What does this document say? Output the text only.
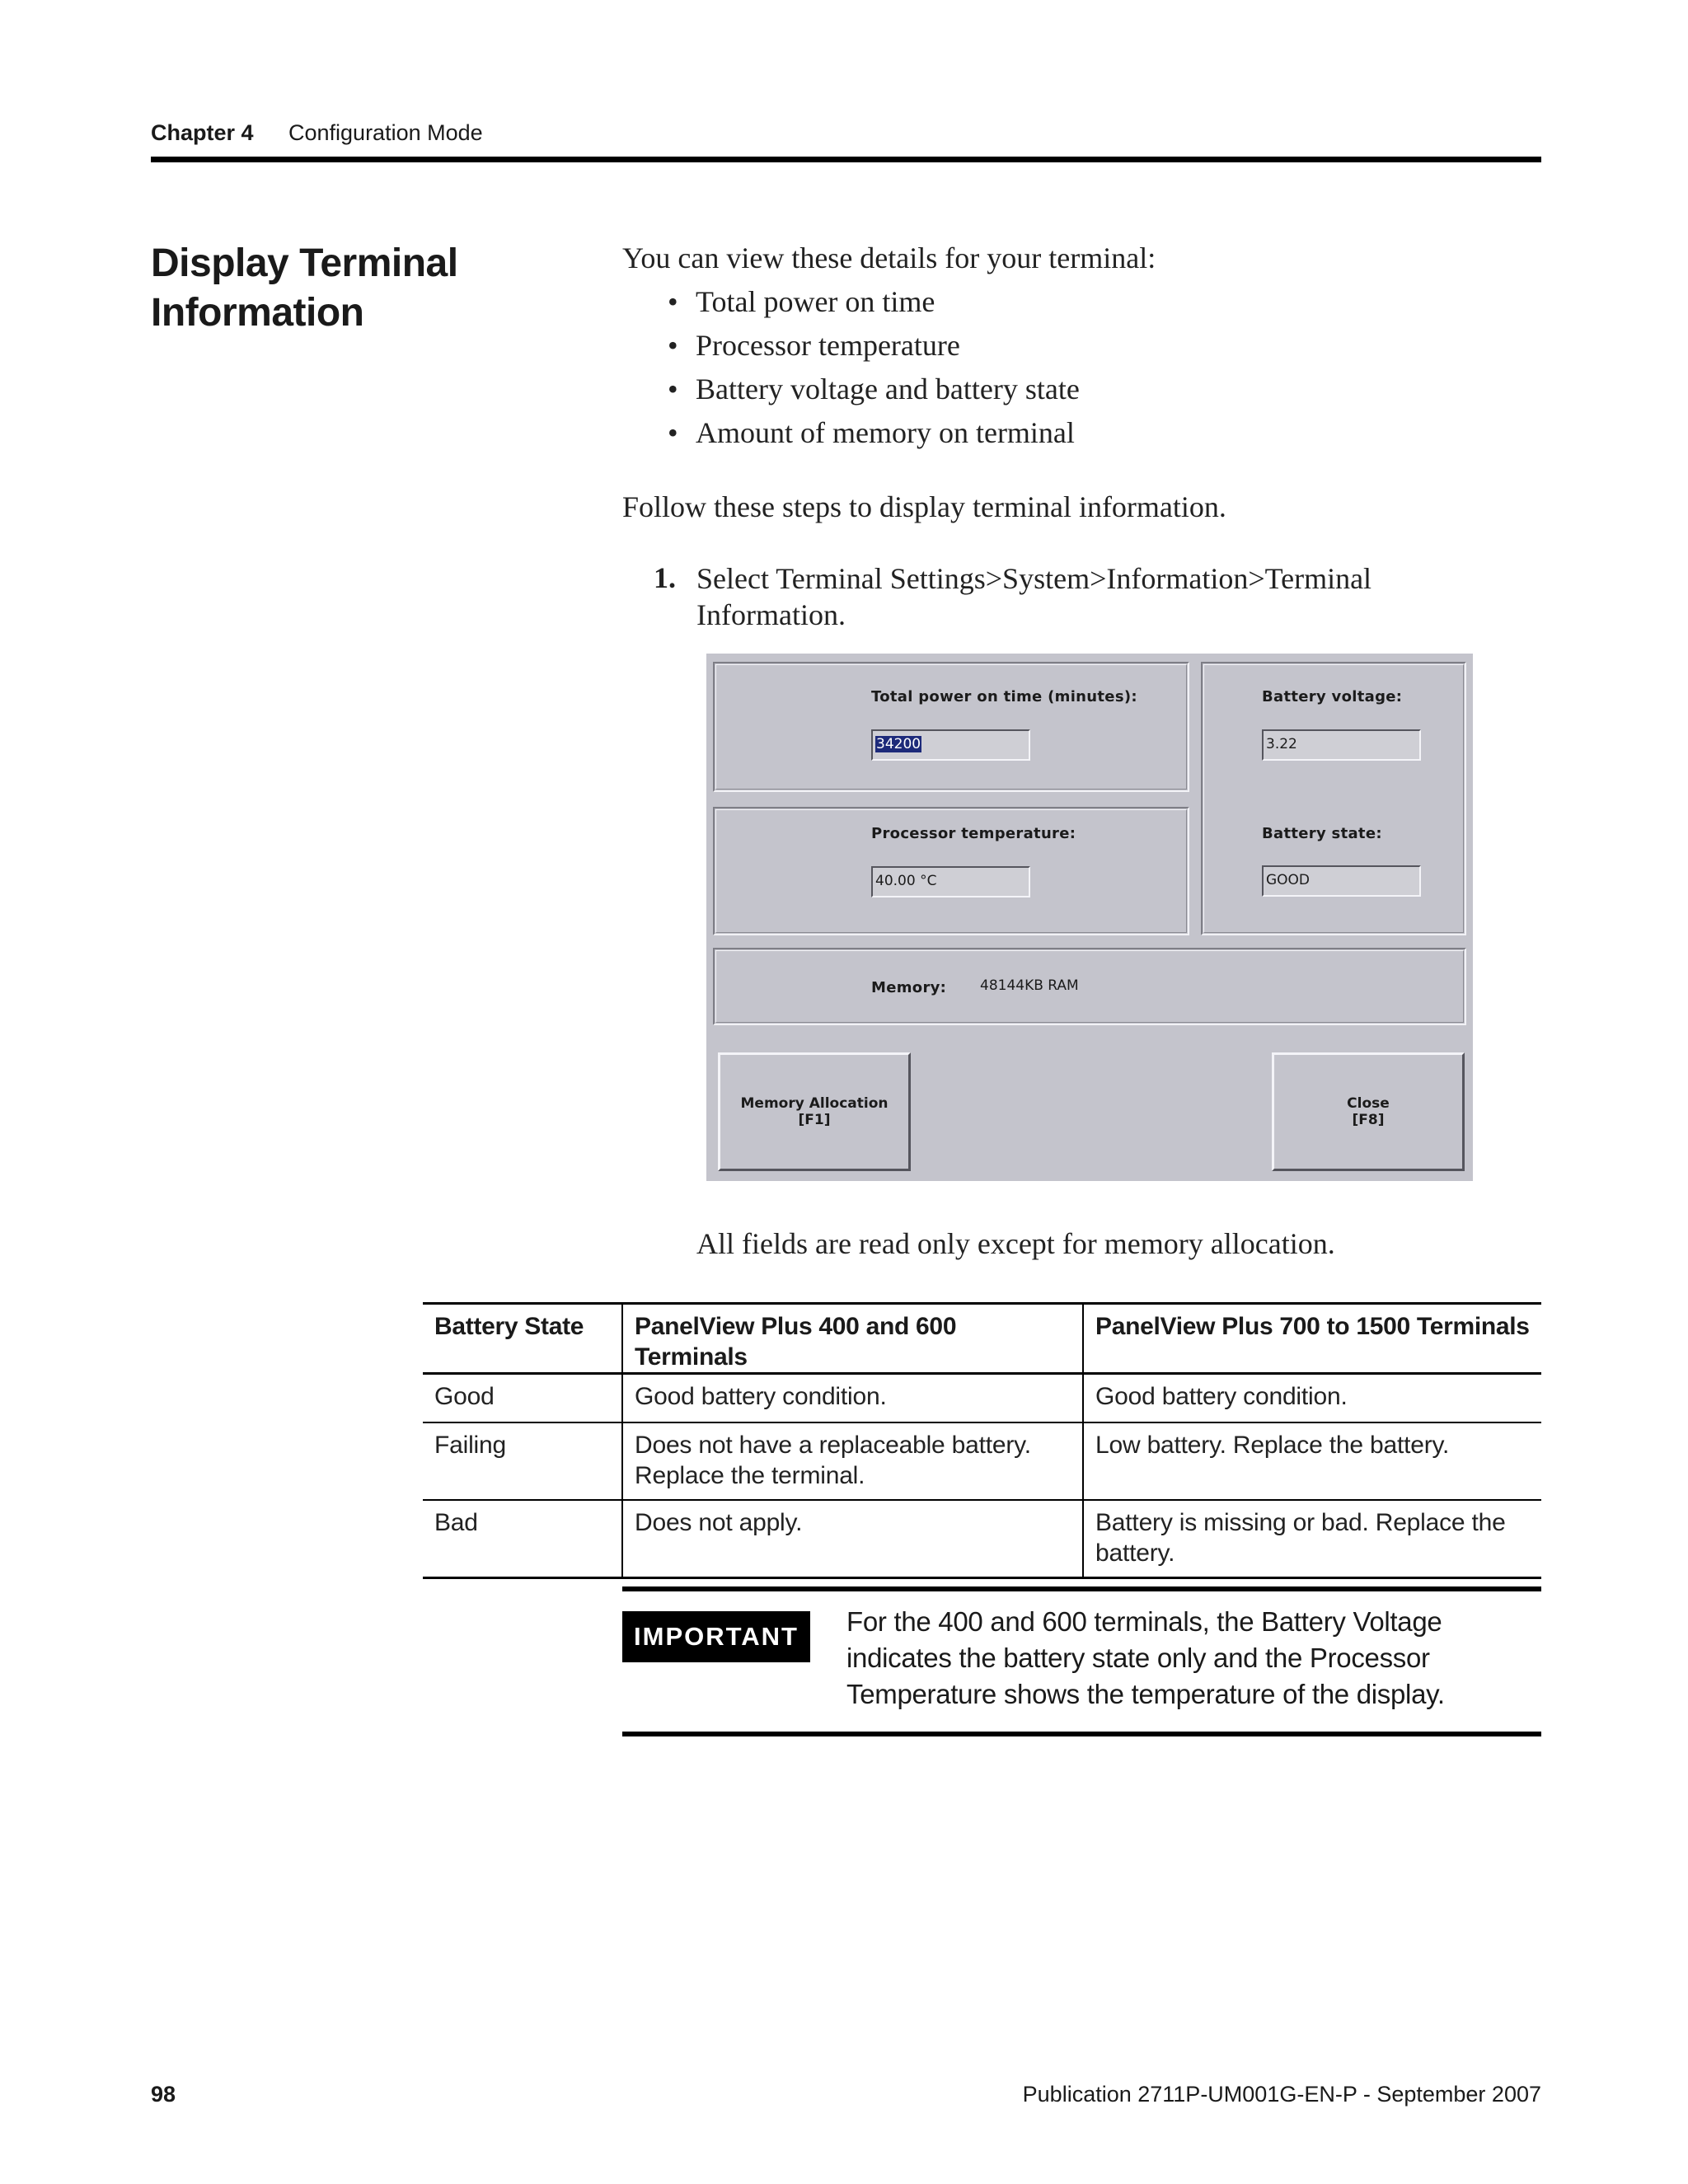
Chapter 4 Configuration Mode
Display Terminal Information
You can view these details for your terminal:
• Total power on time
• Processor temperature
• Battery voltage and battery state
• Amount of memory on terminal
Follow these steps to display terminal information.
1. Select Terminal Settings>System>Information>Terminal Information.
Total power on time (minutes):
34200
Battery voltage:
3.22
Battery state:
GOOD
Processor temperature:
40.00 °C
Memory: 48144KB RAM
Memory Allocation
[F1]
Close
[F8]
All fields are read only except for memory allocation.
Battery State	PanelView Plus 400 and 600 Terminals	PanelView Plus 700 to 1500 Terminals
Good	Good battery condition.	Good battery condition.
Failing	Does not have a replaceable battery. Replace the terminal.	Low battery. Replace the battery.
Bad	Does not apply.	Battery is missing or bad. Replace the battery.
IMPORTANT	For the 400 and 600 terminals, the Battery Voltage indicates the battery state only and the Processor Temperature shows the temperature of the display.
98	Publication 2711P-UM001G-EN-P - September 2007
